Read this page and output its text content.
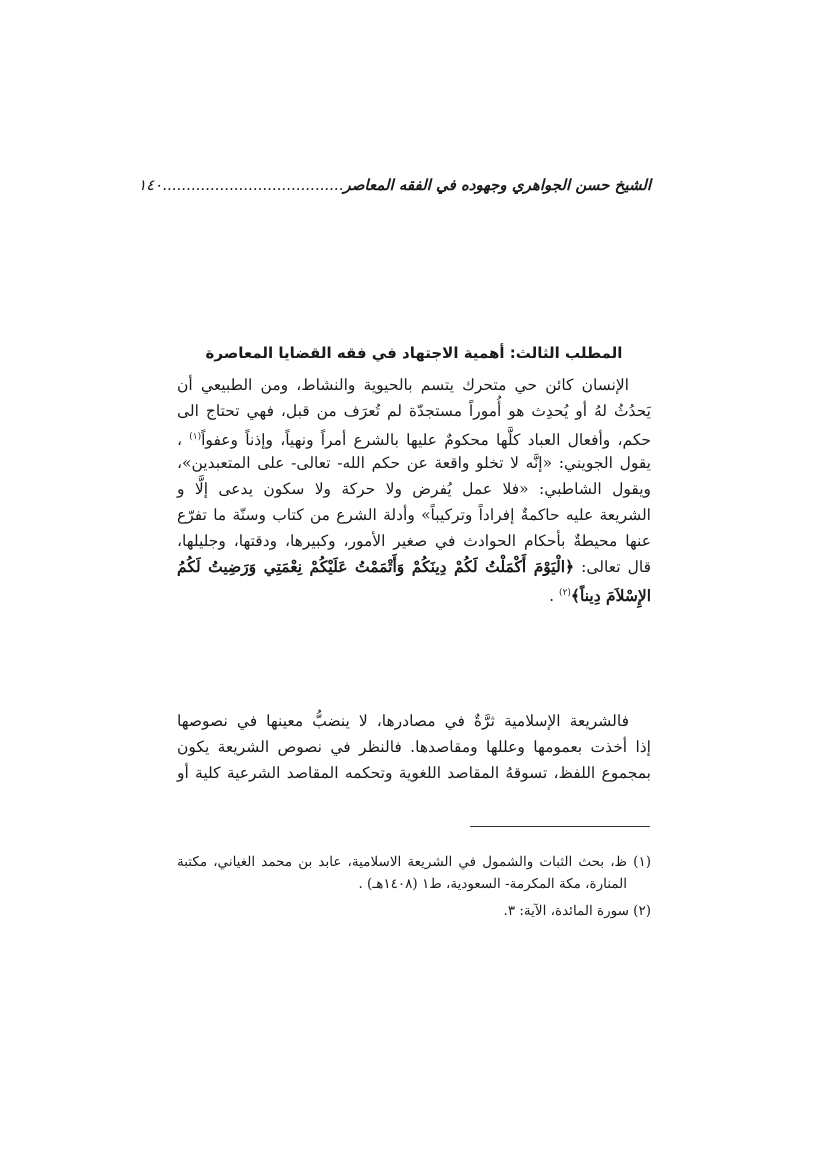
الشيخ حسن الجواهري وجهوده في الفقه المعاصر......................................
١٤٠
المطلب الثالث: أهمية الاجتهاد في فقه القضايا المعاصرة
الإنسان كائن حي متحرك يتسم بالحيوية والنشاط، ومن الطبيعي أن
يَحدُثُ لهُ أو يُحدِث هو أُموراً مستجدّة لم تُعرَف من قبل، فهي تحتاج الى
حكم، وأفعال العباد كلَّها محكومٌ عليها بالشرع أمراً ونهياً، وإذناً وعفواً$^{(١)}$ ،
يقول الجويني: «إنَّه لا تخلو واقعة عن حكم الله- تعالى- على المتعبدين»،
ويقول الشاطبي: «فلا عمل يُفرض ولا حركة ولا سكون يدعى إلَّا و
الشريعة عليه حاكمةٌ إفراداً وتركيباً» وأدلة الشرع من كتاب وسنّة ما تفرّع
عنها محيطةٌ بأحكام الحوادث في صغير الأمور، وكبيرها، ودقتها، وجليلها،
قال تعالى: ﴿الْيَوْمَ أَكْمَلْتُ لَكُمْ دِينَكُمْ وَأَتْمَمْتُ عَلَيْكُمْ نِعْمَتِي وَرَضِيتُ لَكُمُ
الإِسْلاَمَ دِيناً﴾$^{(٢)}$ .
فالشريعة الإسلامية ثرَّةٌ في مصادرها، لا ينضبُّ معينها في نصوصها
إذا أخذت بعمومها وعللها ومقاصدها. فالنظر في نصوص الشريعة يكون
بمجموع اللفظ، تسوقهُ المقاصد اللغوية وتحكمه المقاصد الشرعية كلية أو
(١) ظ، بحث الثبات والشمول في الشريعة الاسلامية، عابد بن محمد الغياني، مكتبة
المنارة، مكة المكرمة- السعودية، ط١ (١٤٠٨هـ) .
(٢) سورة المائدة، الآية: ٣.
